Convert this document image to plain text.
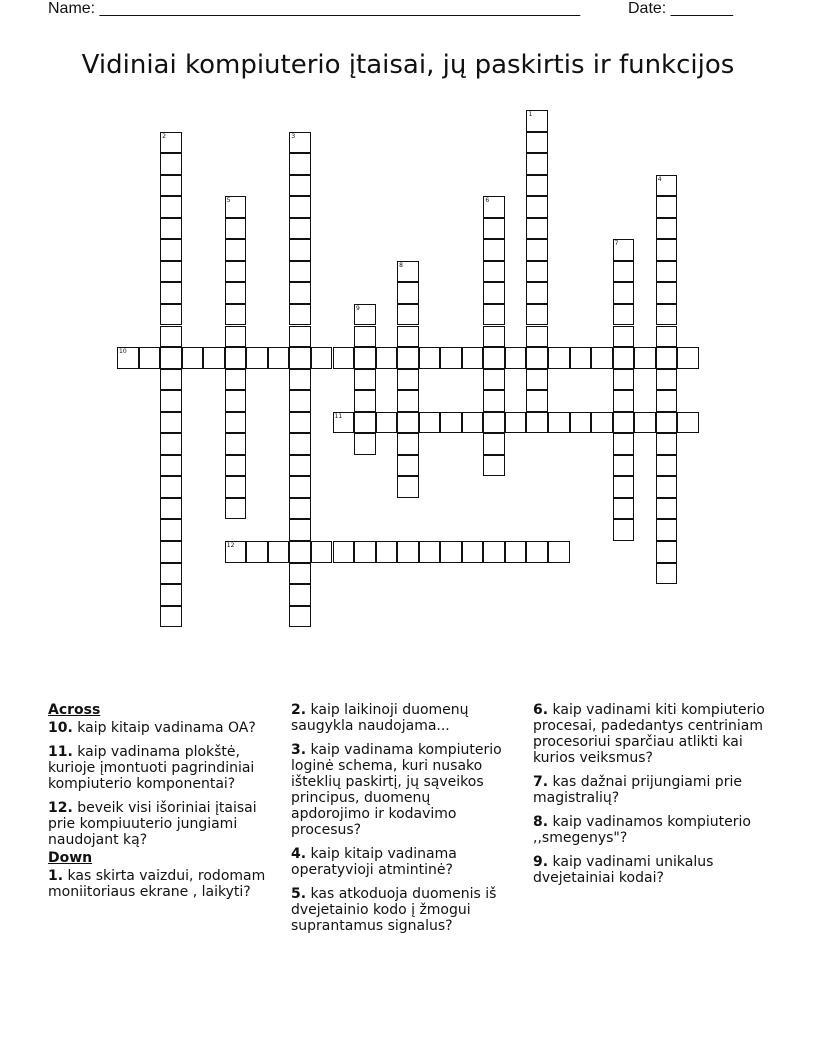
Name: ______________________________________________________	Date: _______
Vidiniai kompiuterio įtaisai, jų paskirtis ir funkcijos
1
2	3
4
5	6
7
8
9
10
11
12
Across
10. kaip kitaip vadinama OA?
11. kaip vadinama plokštė, kurioje įmontuoti pagrindiniai kompiuterio komponentai?
12. beveik visi išoriniai įtaisai prie kompiuuterio jungiami naudojant ką?
Down
1. kas skirta vaizdui, rodomam moniitoriaus ekrane , laikyti?
2. kaip laikinoji duomenų saugykla naudojama...
3. kaip vadinama kompiuterio loginė schema, kuri nusako išteklių paskirtį, jų sąveikos principus, duomenų apdorojimo ir kodavimo procesus?
4. kaip kitaip vadinama operatyvioji atmintinė?
5. kas atkoduoja duomenis iš dvejetainio kodo į žmogui suprantamus signalus?
6. kaip vadinami kiti kompiuterio procesai, padedantys centriniam procesoriui sparčiau atlikti kai kurios veiksmus?
7. kas dažnai prijungiami prie magistralių?
8. kaip vadinamos kompiuterio ,,smegenys"?
9. kaip vadinami unikalus dvejetainiai kodai?
